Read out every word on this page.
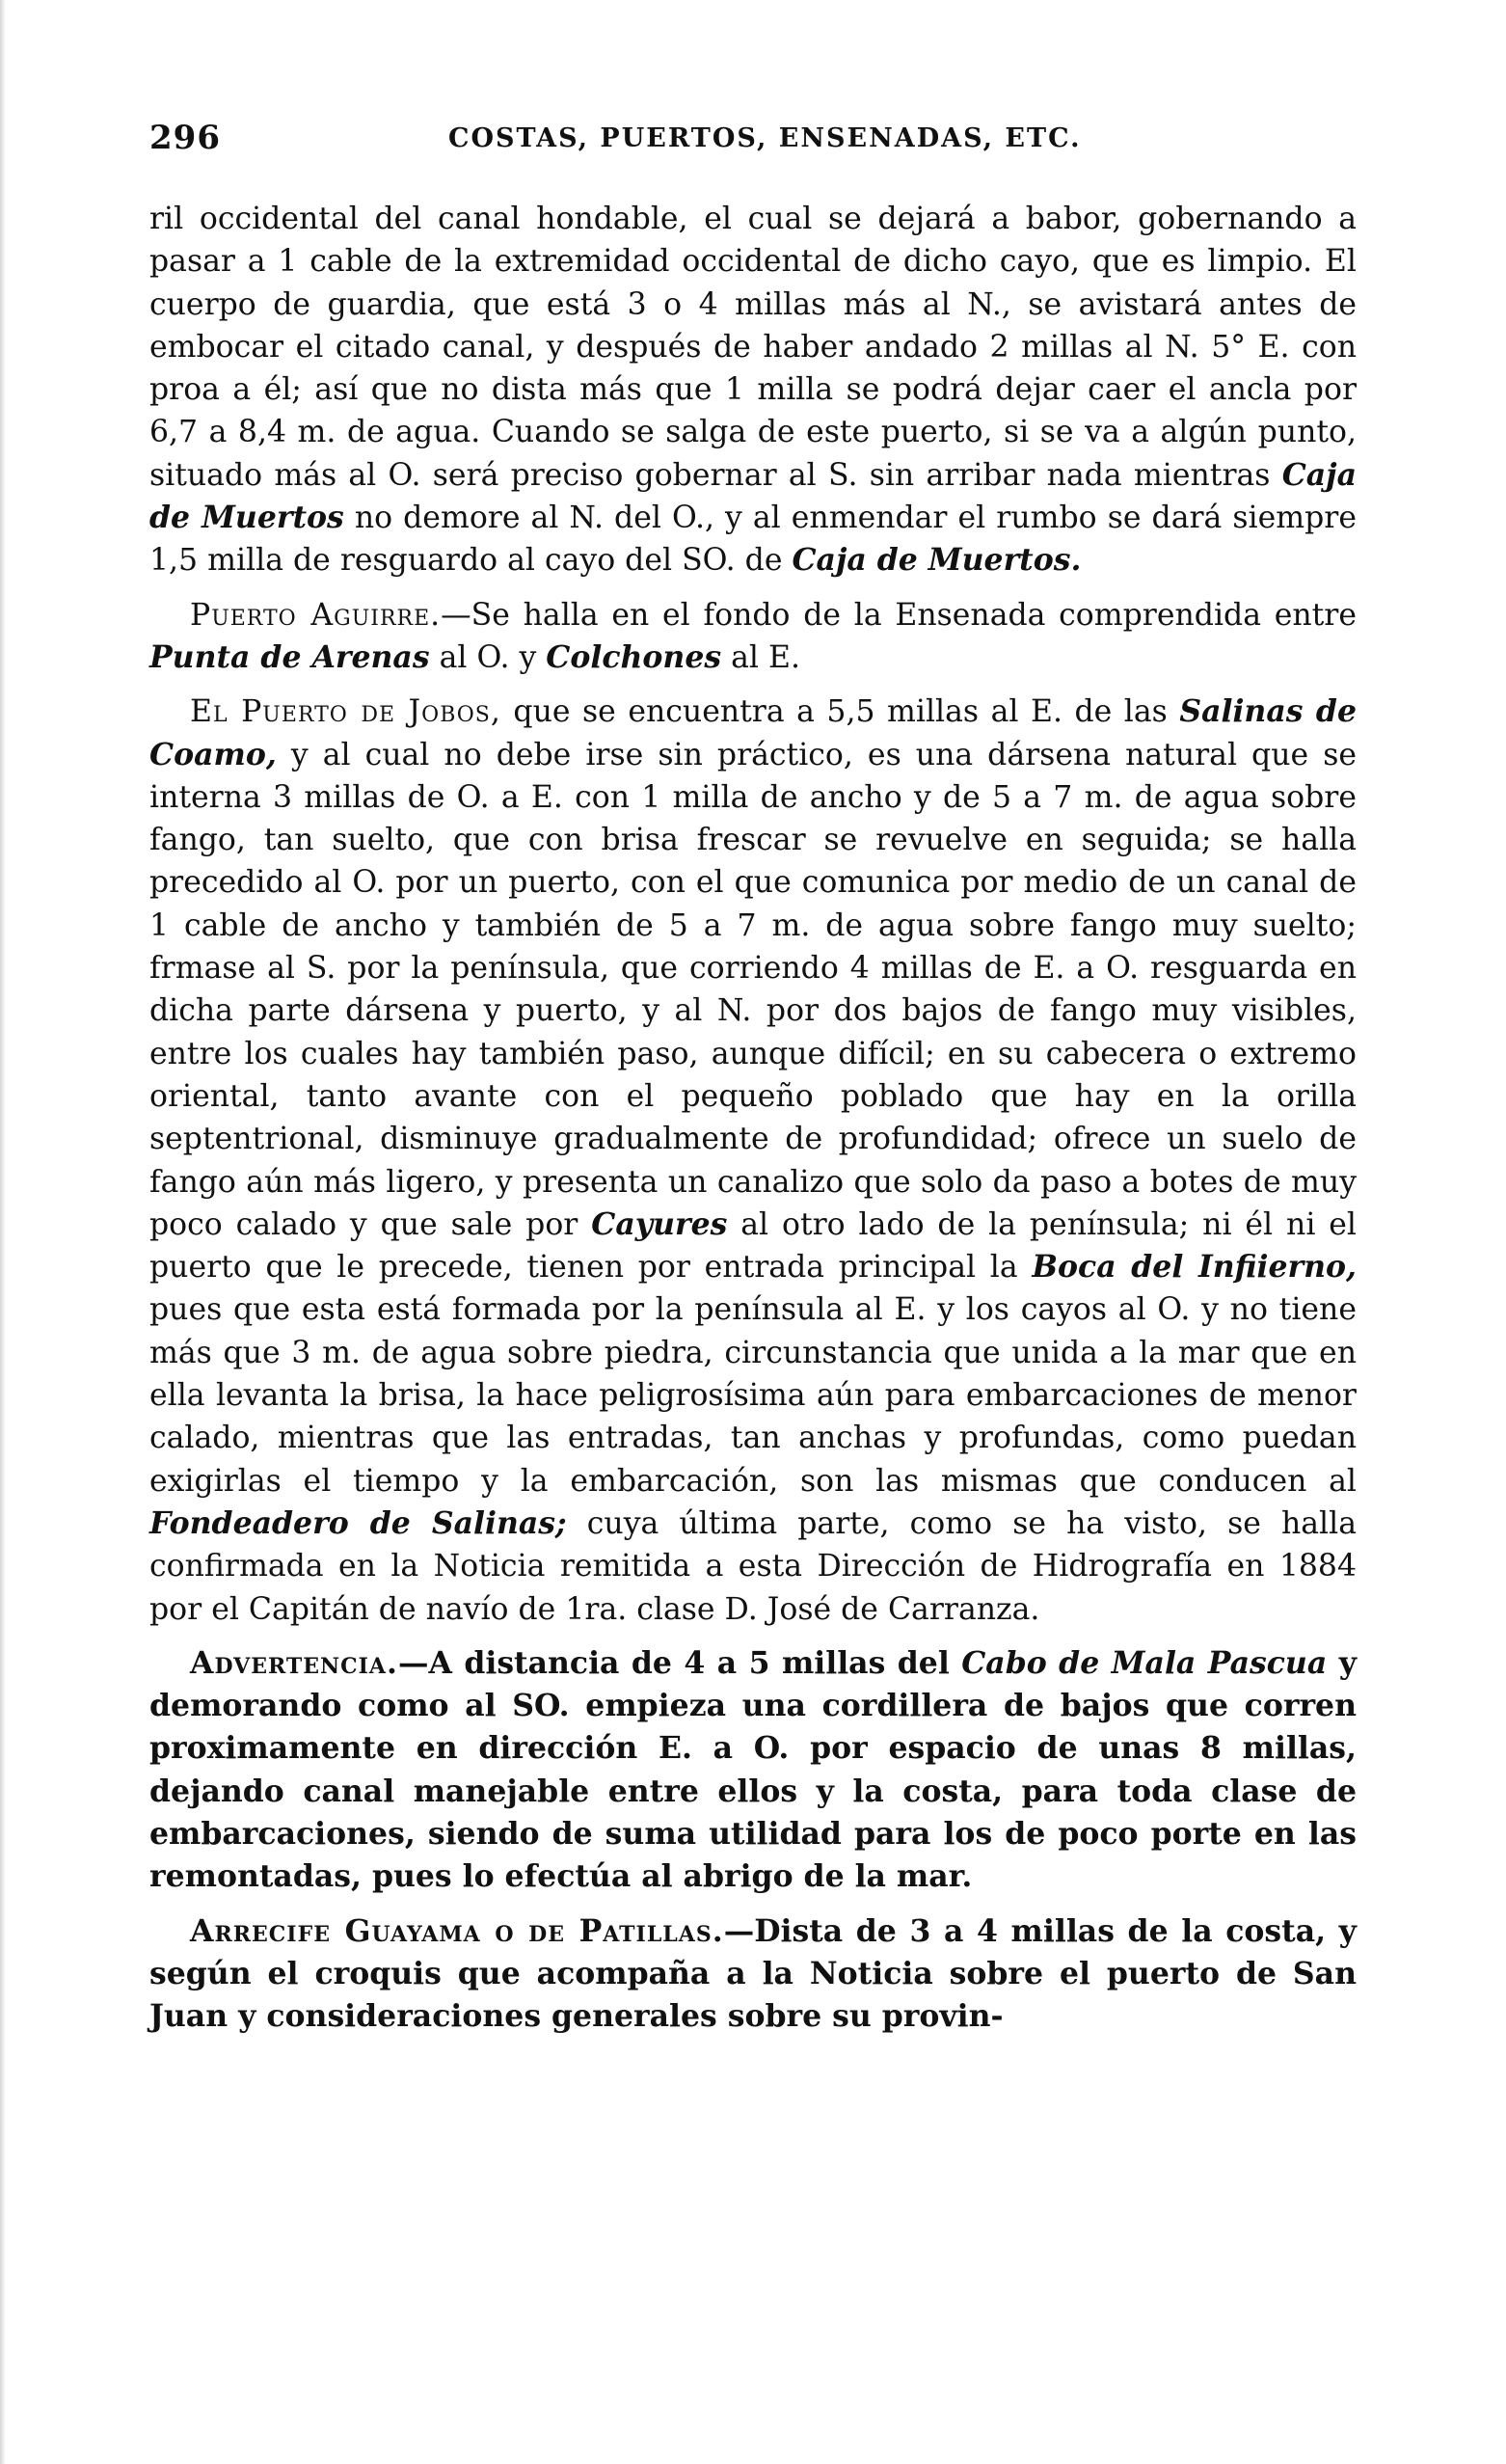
296	COSTAS, PUERTOS, ENSENADAS, ETC.

ril occidental del canal hondable, el cual se dejará a babor, gobernando a pasar a 1 cable de la extremidad occidental de dicho cayo, que es limpio. El cuerpo de guardia, que está 3 o 4 millas más al N., se avistará antes de embocar el citado canal, y después de haber andado 2 millas al N. 5° E. con proa a él; así que no dista más que 1 milla se podrá dejar caer el ancla por 6,7 a 8,4 m. de agua. Cuando se salga de este puerto, si se va a algún punto, situado más al O. será preciso gobernar al S. sin arribar nada mientras Caja de Muertos no demore al N. del O., y al enmendar el rumbo se dará siempre 1,5 milla de resguardo al cayo del SO. de Caja de Muertos.

Puerto Aguirre.—Se halla en el fondo de la Ensenada comprendida entre Punta de Arenas al O. y Colchones al E.

El Puerto de Jobos, que se encuentra a 5,5 millas al E. de las Salinas de Coamo, y al cual no debe irse sin práctico, es una dársena natural que se interna 3 millas de O. a E. con 1 milla de ancho y de 5 a 7 m. de agua sobre fango, tan suelto, que con brisa frescar se revuelve en seguida; se halla precedido al O. por un puerto, con el que comunica por medio de un canal de 1 cable de ancho y también de 5 a 7 m. de agua sobre fango muy suelto; frmase al S. por la península, que corriendo 4 millas de E. a O. resguarda en dicha parte dársena y puerto, y al N. por dos bajos de fango muy visibles, entre los cuales hay también paso, aunque difícil; en su cabecera o extremo oriental, tanto avante con el pequeño poblado que hay en la orilla septentrional, disminuye gradualmente de profundidad; ofrece un suelo de fango aún más ligero, y presenta un canalizo que solo da paso a botes de muy poco calado y que sale por Cayures al otro lado de la península; ni él ni el puerto que le precede, tienen por entrada principal la Boca del Infiierno, pues que esta está formada por la península al E. y los cayos al O. y no tiene más que 3 m. de agua sobre piedra, circunstancia que unida a la mar que en ella levanta la brisa, la hace peligrosísima aún para embarcaciones de menor calado, mientras que las entradas, tan anchas y profundas, como puedan exigirlas el tiempo y la embarcación, son las mismas que conducen al Fondeadero de Salinas; cuya última parte, como se ha visto, se halla confirmada en la Noticia remitida a esta Dirección de Hidrografía en 1884 por el Capitán de navío de 1ra. clase D. José de Carranza.

Advertencia.—A distancia de 4 a 5 millas del Cabo de Mala Pascua y demorando como al SO. empieza una cordillera de bajos que corren proximamente en dirección E. a O. por espacio de unas 8 millas, dejando canal manejable entre ellos y la costa, para toda clase de embarcaciones, siendo de suma utilidad para los de poco porte en las remontadas, pues lo efectúa al abrigo de la mar.

Arrecife Guayama o de Patillas.—Dista de 3 a 4 millas de la costa, y según el croquis que acompaña a la Noticia sobre el puerto de San Juan y consideraciones generales sobre su provin-
